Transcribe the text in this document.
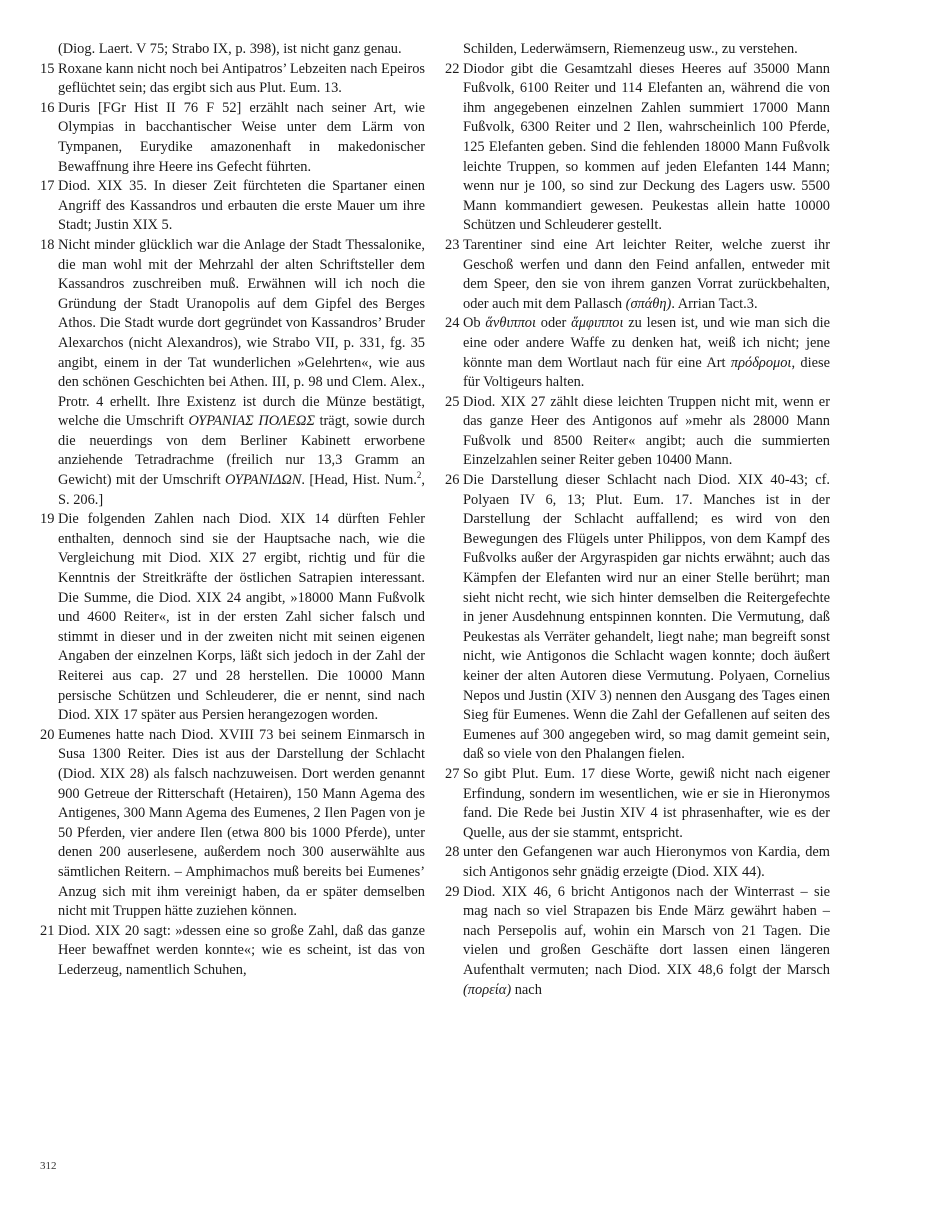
(Diog. Laert. V 75; Strabo IX, p. 398), ist nicht ganz genau.

15 Roxane kann nicht noch bei Antipatros’ Lebzeiten nach Epeiros geflüchtet sein; das ergibt sich aus Plut. Eum. 13.

16 Duris [FGr Hist II 76 F 52] erzählt nach seiner Art, wie Olympias in bacchantischer Weise unter dem Lärm von Tympanen, Eurydike amazonenhaft in makedonischer Bewaffnung ihre Heere ins Gefecht führten.

17 Diod. XIX 35. In dieser Zeit fürchteten die Spartaner einen Angriff des Kassandros und erbauten die erste Mauer um ihre Stadt; Justin XIX 5.

18 Nicht minder glücklich war die Anlage der Stadt Thessalonike, die man wohl mit der Mehrzahl der alten Schriftsteller dem Kassandros zuschreiben muß. Erwähnen will ich noch die Gründung der Stadt Uranopolis auf dem Gipfel des Berges Athos. Die Stadt wurde dort gegründet von Kassandros’ Bruder Alexarchos (nicht Alexandros), wie Strabo VII, p. 331, fg. 35 angibt, einem in der Tat wunderlichen »Gelehrten«, wie aus den schönen Geschichten bei Athen. III, p. 98 und Clem. Alex., Protr. 4 erhellt. Ihre Existenz ist durch die Münze bestätigt, welche die Umschrift ΟΥΡΑΝΙΑΣ ΠΟΛΕΩΣ trägt, sowie durch die neuerdings von dem Berliner Kabinett erworbene anziehende Tetradrachme (freilich nur 13,3 Gramm an Gewicht) mit der Umschrift ΟΥΡΑΝΙΔΩΝ. [Head, Hist. Num.$^2$, S. 206.]

19 Die folgenden Zahlen nach Diod. XIX 14 dürften Fehler enthalten, dennoch sind sie der Hauptsache nach, wie die Vergleichung mit Diod. XIX 27 ergibt, richtig und für die Kenntnis der Streitkräfte der östlichen Satrapien interessant. Die Summe, die Diod. XIX 24 angibt, »18000 Mann Fußvolk und 4600 Reiter«, ist in der ersten Zahl sicher falsch und stimmt in dieser und in der zweiten nicht mit seinen eigenen Angaben der einzelnen Korps, läßt sich jedoch in der Zahl der Reiterei aus cap. 27 und 28 herstellen. Die 10000 Mann persische Schützen und Schleuderer, die er nennt, sind nach Diod. XIX 17 später aus Persien herangezogen worden.

20 Eumenes hatte nach Diod. XVIII 73 bei seinem Einmarsch in Susa 1300 Reiter. Dies ist aus der Darstellung der Schlacht (Diod. XIX 28) als falsch nachzuweisen. Dort werden genannt 900 Getreue der Ritterschaft (Hetairen), 150 Mann Agema des Antigenes, 300 Mann Agema des Eumenes, 2 Ilen Pagen von je 50 Pferden, vier andere Ilen (etwa 800 bis 1000 Pferde), unter denen 200 auserlesene, außerdem noch 300 auserwählte aus sämtlichen Reitern. – Amphimachos muß bereits bei Eumenes’ Anzug sich mit ihm vereinigt haben, da er später demselben nicht mit Truppen hätte zuziehen können.

21 Diod. XIX 20 sagt: »dessen eine so große Zahl, daß das ganze Heer bewaffnet werden konnte«; wie es scheint, ist das von Lederzeug, namentlich Schuhen,

Schilden, Lederwämsern, Riemenzeug usw., zu verstehen.

22 Diodor gibt die Gesamtzahl dieses Heeres auf 35000 Mann Fußvolk, 6100 Reiter und 114 Elefanten an, während die von ihm angegebenen einzelnen Zahlen summiert 17000 Mann Fußvolk, 6300 Reiter und 2 Ilen, wahrscheinlich 100 Pferde, 125 Elefanten geben. Sind die fehlenden 18000 Mann Fußvolk leichte Truppen, so kommen auf jeden Elefanten 144 Mann; wenn nur je 100, so sind zur Deckung des Lagers usw. 5500 Mann kommandiert gewesen. Peukestas allein hatte 10000 Schützen und Schleuderer gestellt.

23 Tarentiner sind eine Art leichter Reiter, welche zuerst ihr Geschoß werfen und dann den Feind anfallen, entweder mit dem Speer, den sie von ihrem ganzen Vorrat zurückbehalten, oder auch mit dem Pallasch (σπάθη). Arrian Tact.3.

24 Ob ἅνθιπποι oder ἅμφιπποι zu lesen ist, und wie man sich die eine oder andere Waffe zu denken hat, weiß ich nicht; jene könnte man dem Wortlaut nach für eine Art πρόδρομοι, diese für Voltigeurs halten.

25 Diod. XIX 27 zählt diese leichten Truppen nicht mit, wenn er das ganze Heer des Antigonos auf »mehr als 28000 Mann Fußvolk und 8500 Reiter« angibt; auch die summierten Einzelzahlen seiner Reiter geben 10400 Mann.

26 Die Darstellung dieser Schlacht nach Diod. XIX 40-43; cf. Polyaen IV 6, 13; Plut. Eum. 17. Manches ist in der Darstellung der Schlacht auffallend; es wird von den Bewegungen des Flügels unter Philippos, von dem Kampf des Fußvolks außer der Argyraspiden gar nichts erwähnt; auch das Kämpfen der Elefanten wird nur an einer Stelle berührt; man sieht nicht recht, wie sich hinter demselben die Reitergefechte in jener Ausdehnung entspinnen konnten. Die Vermutung, daß Peukestas als Verräter gehandelt, liegt nahe; man begreift sonst nicht, wie Antigonos die Schlacht wagen konnte; doch äußert keiner der alten Autoren diese Vermutung. Polyaen, Cornelius Nepos und Justin (XIV 3) nennen den Ausgang des Tages einen Sieg für Eumenes. Wenn die Zahl der Gefallenen auf seiten des Eumenes auf 300 angegeben wird, so mag damit gemeint sein, daß so viele von den Phalangen fielen.

27 So gibt Plut. Eum. 17 diese Worte, gewiß nicht nach eigener Erfindung, sondern im wesentlichen, wie er sie in Hieronymos fand. Die Rede bei Justin XIV 4 ist phrasenhafter, wie es der Quelle, aus der sie stammt, entspricht.

28 unter den Gefangenen war auch Hieronymos von Kardia, dem sich Antigonos sehr gnädig erzeigte (Diod. XIX 44).

29 Diod. XIX 46, 6 bricht Antigonos nach der Winterrast – sie mag nach so viel Strapazen bis Ende März gewährt haben – nach Persepolis auf, wohin ein Marsch von 21 Tagen. Die vielen und großen Geschäfte dort lassen einen längeren Aufenthalt vermuten; nach Diod. XIX 48,6 folgt der Marsch (πορεία) nach

312
